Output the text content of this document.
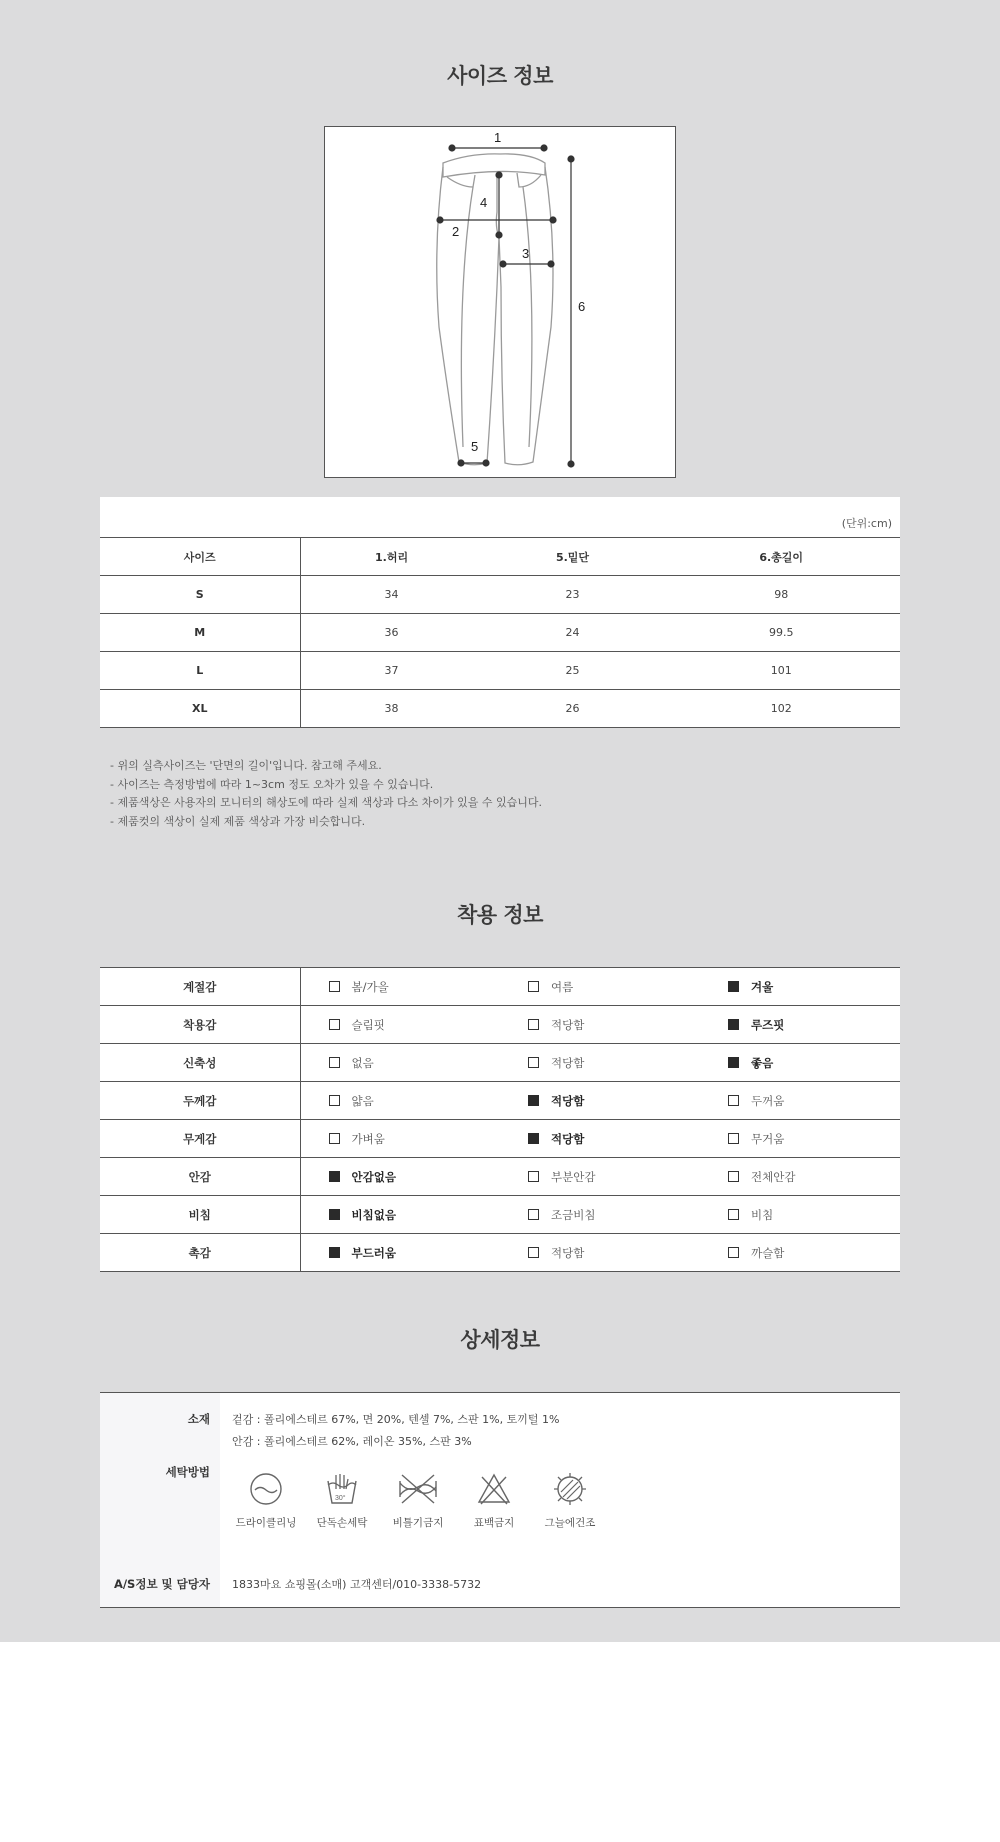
사이즈 정보
1
2
3
4
5
6
(단위:cm)
사이즈	1.허리	5.밑단	6.총길이
S	34	23	98
M	36	24	99.5
L	37	25	101
XL	38	26	102
- 위의 실측사이즈는 '단면의 길이'입니다. 참고해 주세요.
- 사이즈는 측정방법에 따라 1~3cm 정도 오차가 있을 수 있습니다.
- 제품색상은 사용자의 모니터의 해상도에 따라 실제 색상과 다소 차이가 있을 수 있습니다.
- 제품컷의 색상이 실제 제품 색상과 가장 비슷합니다.
착용 정보
계절감	봄/가을	여름	겨울
착용감	슬림핏	적당함	루즈핏
신축성	없음	적당함	좋음
두께감	얇음	적당함	두꺼움
무게감	가벼움	적당함	무거움
안감	안감없음	부분안감	전체안감
비침	비침없음	조금비침	비침
촉감	부드러움	적당함	까슬함
상세정보
소재 겉감 : 폴리에스테르 67%, 면 20%, 텐셀 7%, 스판 1%, 토끼털 1%
안감 : 폴리에스테르 62%, 레이온 35%, 스판 3%
세탁방법
드라이클리닝
30°
단독손세탁	비틀기금지	표백금지	그늘에건조
A/S정보 및 담당자 1833마요 쇼핑몰(소매) 고객센터/010-3338-5732
